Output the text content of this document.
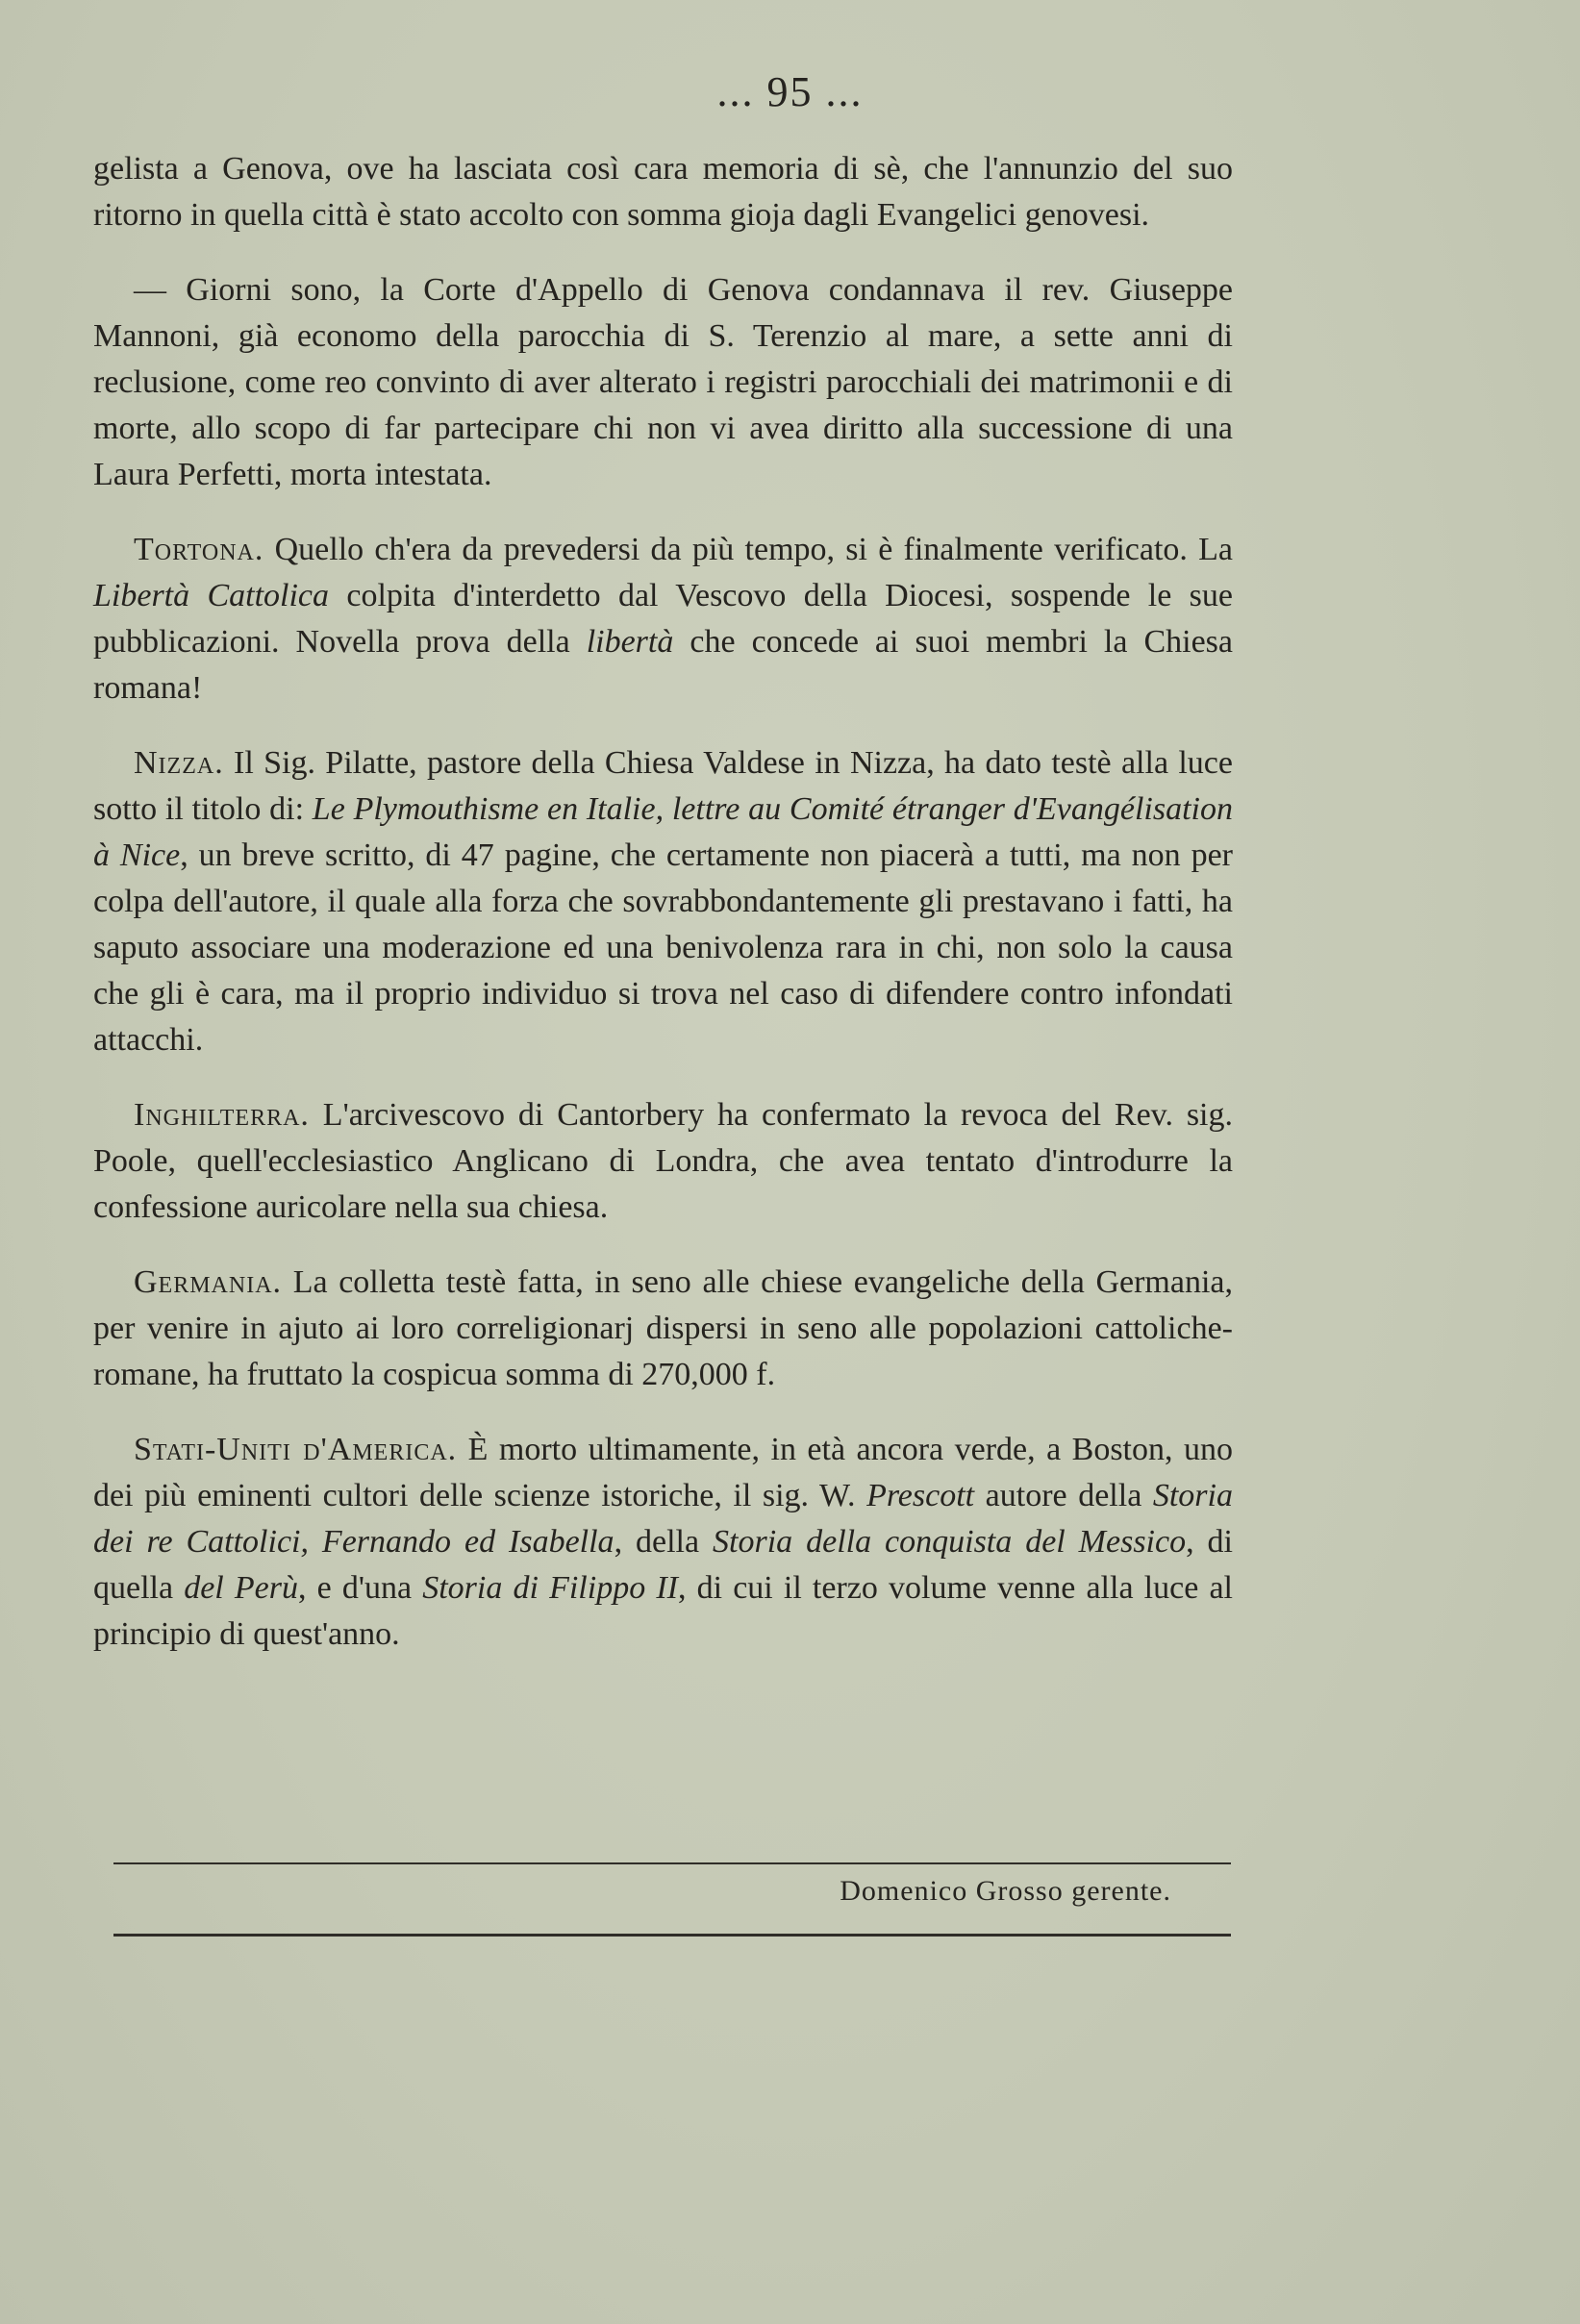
... 95 ...

gelista a Genova, ove ha lasciata così cara memoria di sè, che l'annunzio del suo ritorno in quella città è stato accolto con somma gioja dagli Evangelici genovesi.

— Giorni sono, la Corte d'Appello di Genova condannava il rev. Giuseppe Mannoni, già economo della parocchia di S. Terenzio al mare, a sette anni di reclusione, come reo convinto di aver alterato i registri parocchiali dei matrimonii e di morte, allo scopo di far partecipare chi non vi avea diritto alla successione di una Laura Perfetti, morta intestata.

Tortona. Quello ch'era da prevedersi da più tempo, si è finalmente verificato. La Libertà Cattolica colpita d'interdetto dal Vescovo della Diocesi, sospende le sue pubblicazioni. Novella prova della libertà che concede ai suoi membri la Chiesa romana!

Nizza. Il Sig. Pilatte, pastore della Chiesa Valdese in Nizza, ha dato testè alla luce sotto il titolo di: Le Plymouthisme en Italie, lettre au Comité étranger d'Evangélisation à Nice, un breve scritto, di 47 pagine, che certamente non piacerà a tutti, ma non per colpa dell'autore, il quale alla forza che sovrabbondantemente gli prestavano i fatti, ha saputo associare una moderazione ed una benivolenza rara in chi, non solo la causa che gli è cara, ma il proprio individuo si trova nel caso di difendere contro infondati attacchi.

Inghilterra. L'arcivescovo di Cantorbery ha confermato la revoca del Rev. sig. Poole, quell'ecclesiastico Anglicano di Londra, che avea tentato d'introdurre la confessione auricolare nella sua chiesa.

Germania. La colletta testè fatta, in seno alle chiese evangeliche della Germania, per venire in ajuto ai loro correligionarj dispersi in seno alle popolazioni cattoliche-romane, ha fruttato la cospicua somma di 270,000 f.

Stati-Uniti d'America. È morto ultimamente, in età ancora verde, a Boston, uno dei più eminenti cultori delle scienze istoriche, il sig. W. Prescott autore della Storia dei re Cattolici, Fernando ed Isabella, della Storia della conquista del Messico, di quella del Perù, e d'una Storia di Filippo II, di cui il terzo volume venne alla luce al principio di quest'anno.

Domenico Grosso gerente.
